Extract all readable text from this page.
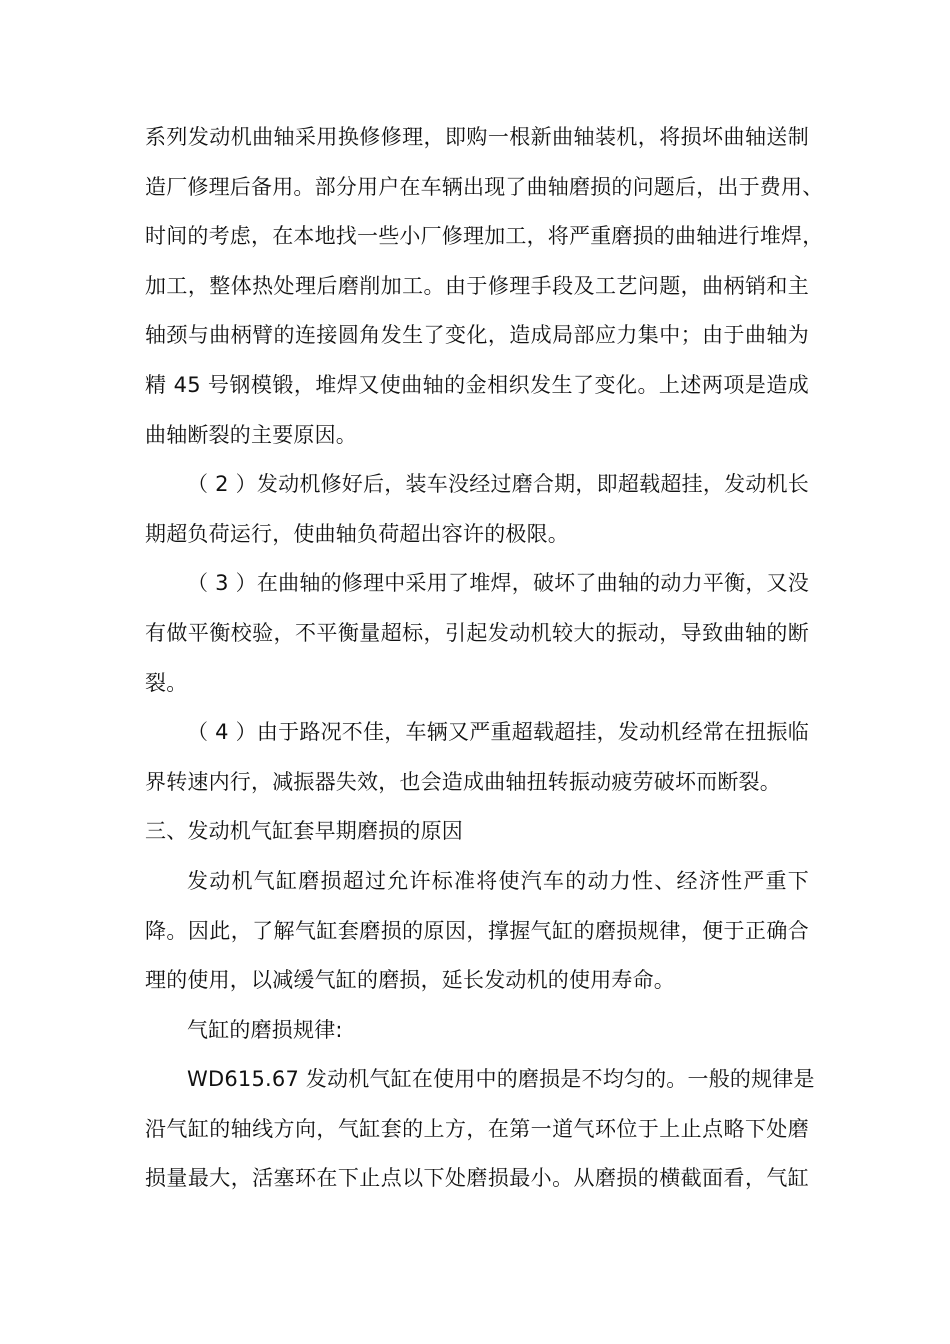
系列发动机曲轴采用换修修理，即购一根新曲轴装机，将损坏曲轴送制
造厂修理后备用。部分用户在车辆出现了曲轴磨损的问题后，出于费用、
时间的考虑，在本地找一些小厂修理加工，将严重磨损的曲轴进行堆焊，
加工，整体热处理后磨削加工。由于修理手段及工艺问题，曲柄销和主
轴颈与曲柄臂的连接圆角发生了变化，造成局部应力集中；由于曲轴为
精 45 号钢模锻，堆焊又使曲轴的金相织发生了变化。上述两项是造成
曲轴断裂的主要原因。
（ 2 ）发动机修好后，装车没经过磨合期，即超载超挂，发动机长
期超负荷运行，使曲轴负荷超出容许的极限。
（ 3 ）在曲轴的修理中采用了堆焊，破坏了曲轴的动力平衡，又没
有做平衡校验，不平衡量超标，引起发动机较大的振动，导致曲轴的断
裂。
（ 4 ）由于路况不佳，车辆又严重超载超挂，发动机经常在扭振临
界转速内行，减振器失效，也会造成曲轴扭转振动疲劳破坏而断裂。
三、发动机气缸套早期磨损的原因
发动机气缸磨损超过允许标准将使汽车的动力性、经济性严重下
降。因此，了解气缸套磨损的原因，撑握气缸的磨损规律，便于正确合
理的使用，以减缓气缸的磨损，延长发动机的使用寿命。
气缸的磨损规律:
WD615.67 发动机气缸在使用中的磨损是不均匀的。一般的规律是
沿气缸的轴线方向，气缸套的上方，在第一道气环位于上止点略下处磨
损量最大，活塞环在下止点以下处磨损最小。从磨损的横截面看，气缸
